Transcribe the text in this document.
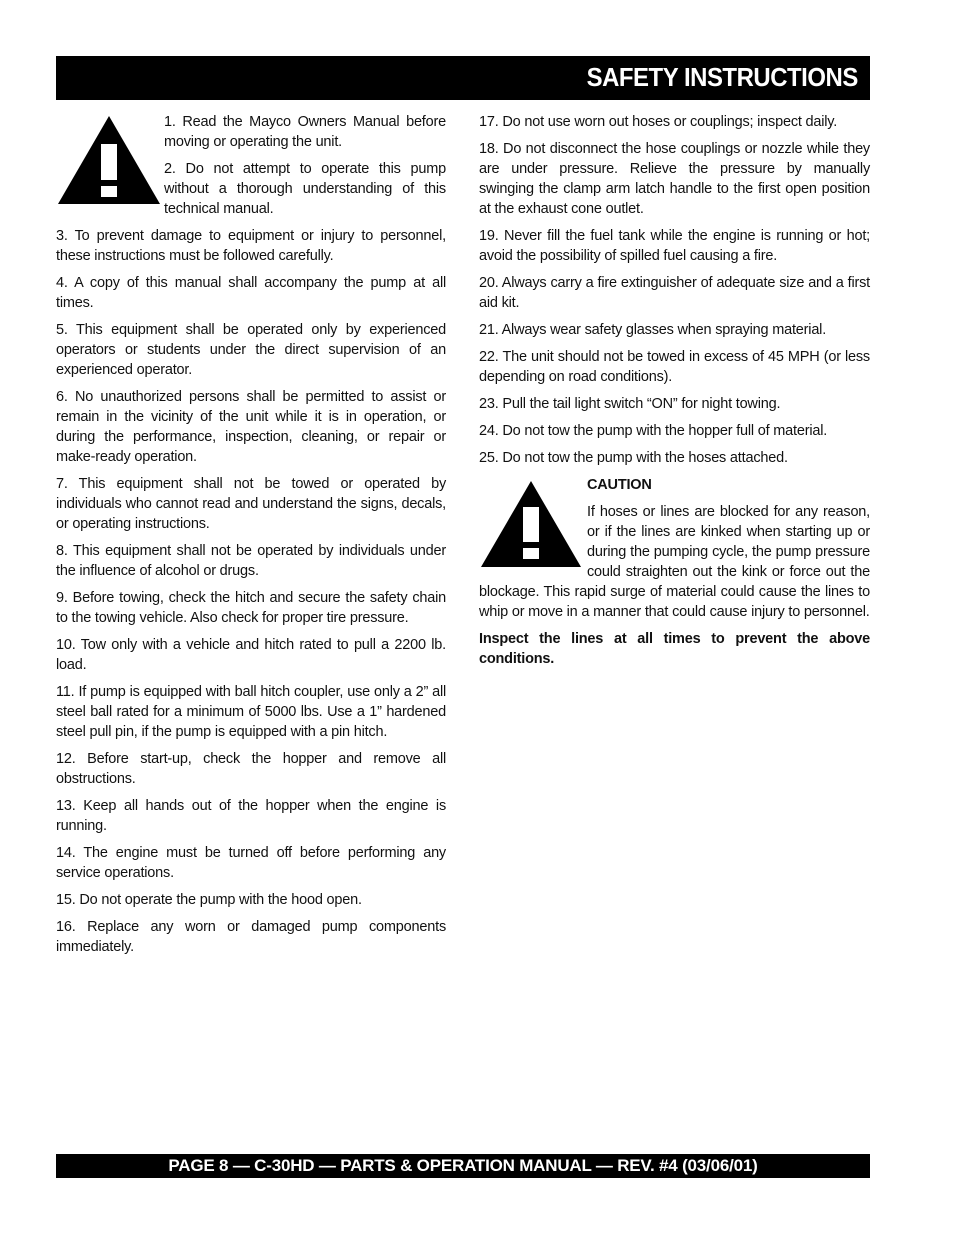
SAFETY INSTRUCTIONS

1. Read the Mayco Owners Manual before moving or operating the unit.

2. Do not attempt to operate this pump without a thorough understanding of this technical manual.

3. To prevent damage to equipment or injury to personnel, these instructions must be followed carefully.

4. A copy of this manual shall accompany the pump at all times.

5. This equipment shall be operated only by experienced operators or students under the direct supervision of an experienced operator.

6. No unauthorized persons shall be permitted to assist or remain in the vicinity of the unit while it is in operation, or during the performance, inspection, cleaning, or repair or make-ready operation.

7. This equipment shall not be towed or operated by individuals who cannot read and understand the signs, decals, or operating instructions.

8. This equipment shall not be operated by individuals under the influence of alcohol or drugs.

9. Before towing, check the hitch and secure the safety chain to the towing vehicle. Also check for proper tire pressure.

10. Tow only with a vehicle and hitch rated to pull a 2200 lb. load.

11. If pump is equipped with ball hitch coupler, use only a 2” all steel ball rated for a minimum of 5000 lbs. Use a 1” hardened steel pull pin, if the pump is equipped with a pin hitch.

12. Before start-up, check the hopper and remove all obstructions.

13. Keep all hands out of the hopper when the engine is running.

14. The engine must be turned off before performing any service operations.

15. Do not operate the pump with the hood open.

16. Replace any worn or damaged pump components immediately.

17. Do not use worn out hoses or couplings; inspect daily.

18. Do not disconnect the hose couplings or nozzle while they are under pressure. Relieve the pressure by manually swinging the clamp arm latch handle to the first open position at the exhaust cone outlet.

19. Never fill the fuel tank while the engine is running or hot; avoid the possibility of spilled fuel causing a fire.

20. Always carry a fire extinguisher of adequate size and a first aid kit.

21. Always wear safety glasses when spraying material.

22. The unit should not be towed in excess of 45 MPH (or less depending on road conditions).

23. Pull the tail light switch “ON” for night towing.

24. Do not tow the pump with the hopper full of material.

25. Do not tow the pump with the hoses attached.

CAUTION

If hoses or lines are blocked for any reason, or if the lines are kinked when starting up or during the pumping cycle, the pump pressure could straighten out the kink or force out the blockage. This rapid surge of material could cause the lines to whip or move in a manner that could cause injury to personnel.

Inspect the lines at all times to prevent the above conditions.

PAGE 8 — C-30HD — PARTS & OPERATION MANUAL — REV. #4 (03/06/01)
